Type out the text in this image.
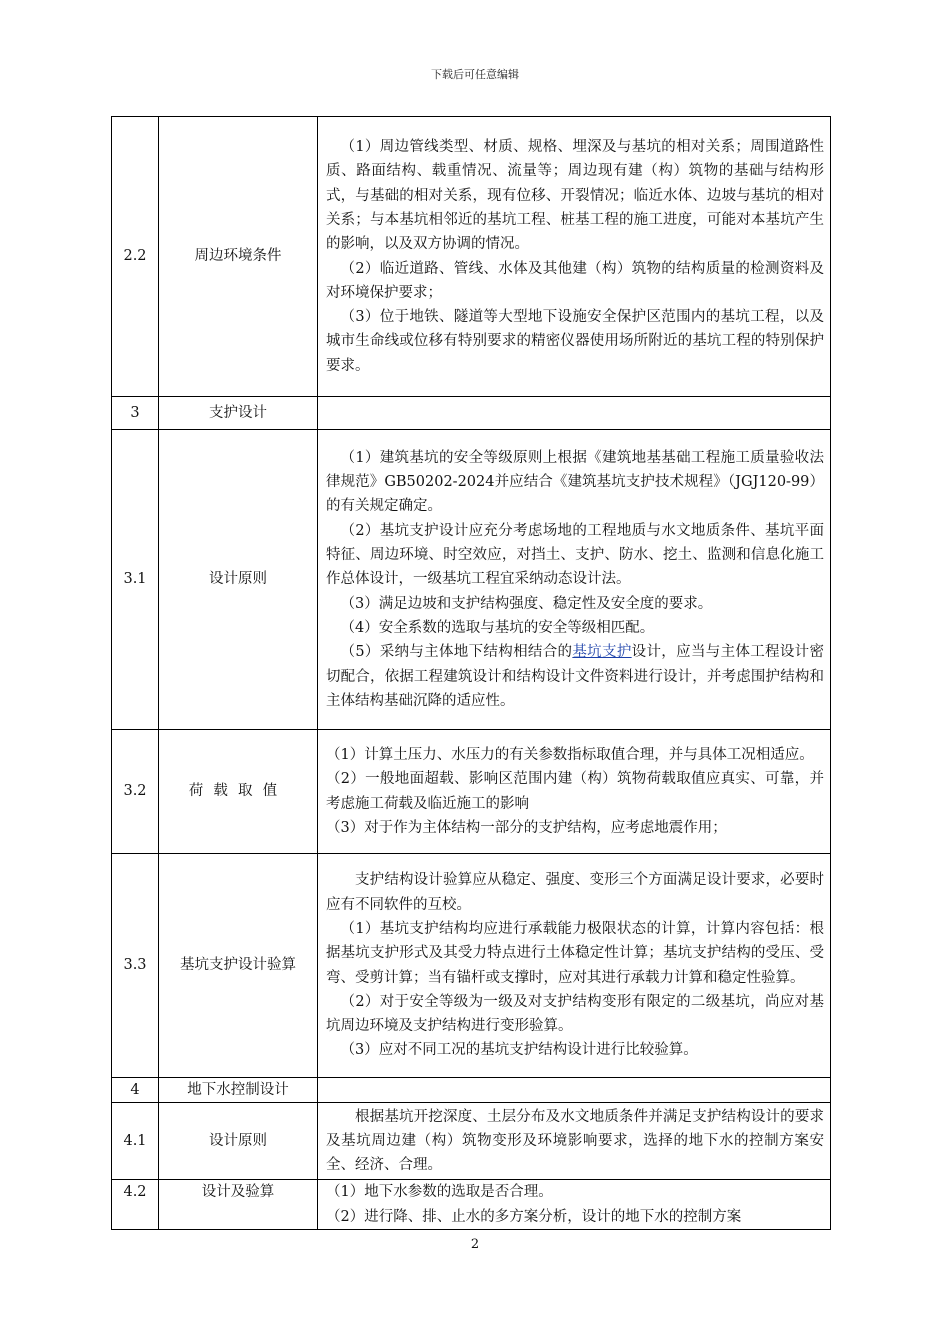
下载后可任意编辑
2.2	周边环境条件	（1）周边管线类型、材质、规格、埋深及与基坑的相对关系；周围道路性质、路面结构、载重情况、流量等；周边现有建（构）筑物的基础与结构形式，与基础的相对关系，现有位移、开裂情况；临近水体、边坡与基坑的相对关系；与本基坑相邻近的基坑工程、桩基工程的施工进度，可能对本基坑产生的影响，以及双方协调的情况。

（2）临近道路、管线、水体及其他建（构）筑物的结构质量的检测资料及对环境保护要求；

（3）位于地铁、隧道等大型地下设施安全保护区范围内的基坑工程，以及城市生命线或位移有特别要求的精密仪器使用场所附近的基坑工程的特别保护要求。

3	支护设计	
3.1	设计原则	（1）建筑基坑的安全等级原则上根据《建筑地基基础工程施工质量验收法律规范》GB50202-2024并应结合《建筑基坑支护技术规程》（JGJ120-99）的有关规定确定。

（2）基坑支护设计应充分考虑场地的工程地质与水文地质条件、基坑平面特征、周边环境、时空效应，对挡土、支护、防水、挖土、监测和信息化施工作总体设计，一级基坑工程宜采纳动态设计法。

（3）满足边坡和支护结构强度、稳定性及安全度的要求。

（4）安全系数的选取与基坑的安全等级相匹配。

（5）采纳与主体地下结构相结合的基坑支护设计，应当与主体工程设计密切配合，依据工程建筑设计和结构设计文件资料进行设计，并考虑围护结构和主体结构基础沉降的适应性。

3.2	荷载取值	（1）计算土压力、水压力的有关参数指标取值合理，并与具体工况相适应。

（2）一般地面超载、影响区范围内建（构）筑物荷载取值应真实、可靠，并考虑施工荷载及临近施工的影响

（3）对于作为主体结构一部分的支护结构，应考虑地震作用；

3.3	基坑支护设计验算	支护结构设计验算应从稳定、强度、变形三个方面满足设计要求，必要时应有不同软件的互校。

（1）基坑支护结构均应进行承载能力极限状态的计算，计算内容包括：根据基坑支护形式及其受力特点进行土体稳定性计算；基坑支护结构的受压、受弯、受剪计算；当有锚杆或支撑时，应对其进行承载力计算和稳定性验算。

（2）对于安全等级为一级及对支护结构变形有限定的二级基坑，尚应对基坑周边环境及支护结构进行变形验算。

（3）应对不同工况的基坑支护结构设计进行比较验算。

4	地下水控制设计	
4.1	设计原则	根据基坑开挖深度、土层分布及水文地质条件并满足支护结构设计的要求及基坑周边建（构）筑物变形及环境影响要求，选择的地下水的控制方案安全、经济、合理。

4.2	设计及验算	（1）地下水参数的选取是否合理。

（2）进行降、排、止水的多方案分析，设计的地下水的控制方案

2
